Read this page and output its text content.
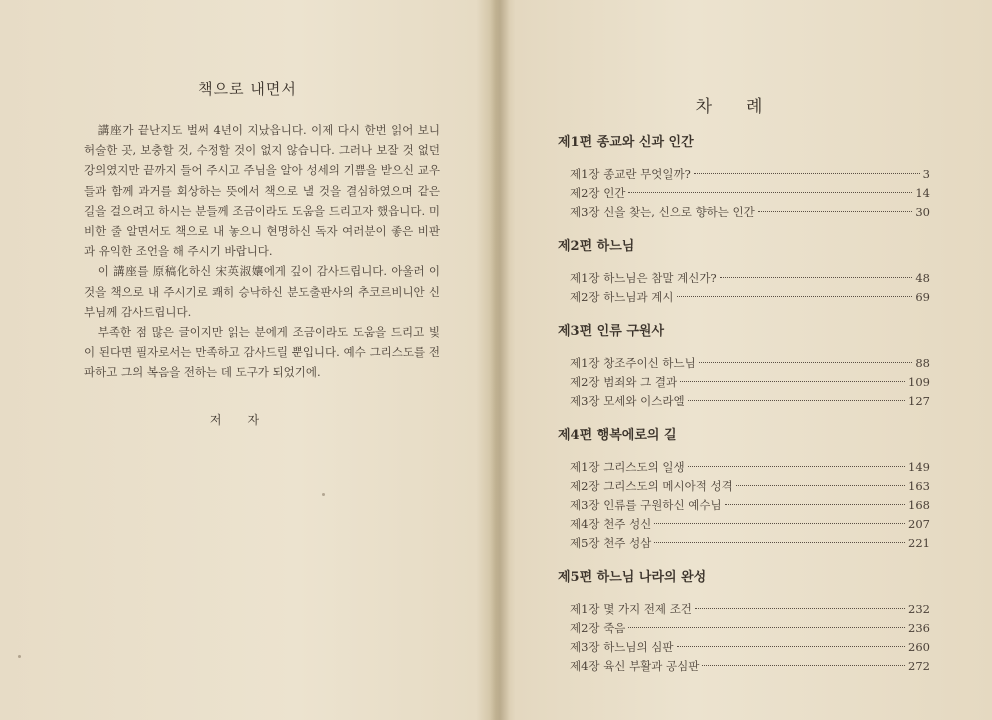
책으로 내면서

講座가 끝난지도 벌써 4년이 지났읍니다. 이제 다시 한번 읽어 보니 허술한 곳, 보충할 것, 수정할 것이 없지 않습니다. 그러나 보잘 것 없던 강의였지만 끝까지 들어 주시고 주님을 알아 성세의 기쁨을 받으신 교우들과 함께 과거를 회상하는 뜻에서 책으로 낼 것을 결심하였으며 같은 길을 걸으려고 하시는 분들께 조금이라도 도움을 드리고자 했읍니다. 미비한 줄 알면서도 책으로 내 놓으니 현명하신 독자 여러분이 좋은 비판과 유익한 조언을 해 주시기 바랍니다.

이 講座를 原稿化하신 宋英淑孃에게 깊이 감사드립니다. 아울러 이것을 책으로 내 주시기로 쾌히 승낙하신 분도출판사의 추코르비니안 신부님께 감사드립니다.

부족한 점 많은 글이지만 읽는 분에게 조금이라도 도움을 드리고 빛이 된다면 필자로서는 만족하고 감사드릴 뿐입니다. 예수 그리스도를 전파하고 그의 복음을 전하는 데 도구가 되었기에.

저자
차례
제1편 종교와 신과 인간
제1장 종교란 무엇일까?	3
제2장 인간	14
제3장 신을 찾는, 신으로 향하는 인간	30
제2편 하느님
제1장 하느님은 참말 계신가?	48
제2장 하느님과 계시	69
제3편 인류 구원사
제1장 창조주이신 하느님	88
제2장 범죄와 그 결과	109
제3장 모세와 이스라엘	127
제4편 행복에로의 길
제1장 그리스도의 일생	149
제2장 그리스도의 메시아적 성격	163
제3장 인류를 구원하신 예수님	168
제4장 천주 성신	207
제5장 천주 성삼	221
제5편 하느님 나라의 완성
제1장 몇 가지 전제 조건	232
제2장 죽음	236
제3장 하느님의 심판	260
제4장 육신 부활과 공심판	272
